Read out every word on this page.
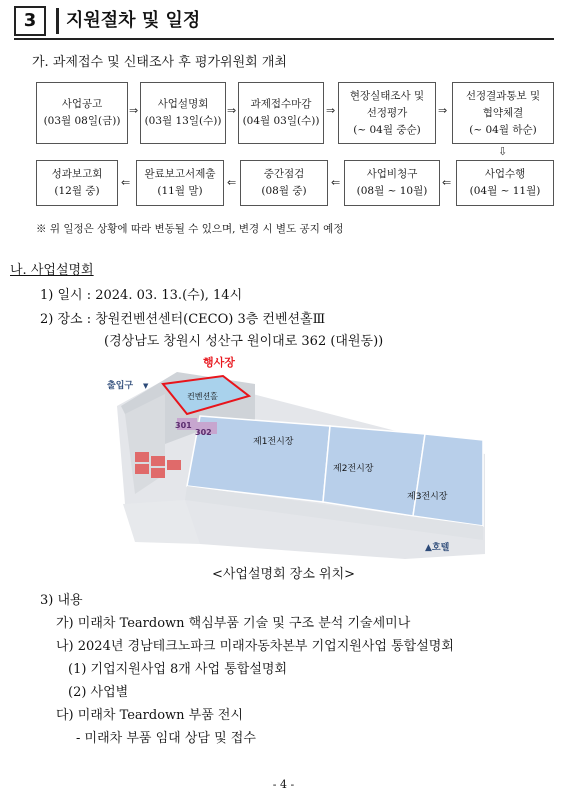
3	지원절차 및 일정
가. 과제접수 및 신태조사 후 평가위원회 개최
사업공고
(03월 08일(금))
⇒ 사업설명회
(03월 13일(수))
⇒ 과제접수마감
(04월 03일(수))
⇒
현장실태조사 및
선정평가
(~ 04월 중순)
⇒
선정결과통보 및
협약체결
(~ 04월 하순)
⇩
성과보고회
(12월 중)
⇐
완료보고서제출
(11월 말)
⇐
중간점검
(08월 중)
⇐
사업비청구
(08월 ~ 10월)
⇐
사업수행
(04월 ~ 11월)
※ 위 일정은 상황에 따라 변동될 수 있으며, 변경 시 별도 공지 예정
나. 사업설명회
1) 일시 : 2024. 03. 13.(수), 14시
2) 장소 : 창원컨벤션센터(CECO) 3층 컨벤션홀Ⅲ
(경상남도 창원시 성산구 원이대로 362 (대원동))
행사장
출입구 ▼
컨벤션홀
301
302
제1전시장
제2전시장
제3전시장
▲호텔
<사업설명회 장소 위치>
3) 내용
가) 미래차 Teardown 핵심부품 기술 및 구조 분석 기술세미나
나) 2024년 경남테크노파크 미래자동차본부 기업지원사업 통합설명회
(1) 기업지원사업 8개 사업 통합설명회
(2) 사업별
다) 미래차 Teardown 부품 전시
- 미래차 부품 임대 상담 및 접수
- 4 -
